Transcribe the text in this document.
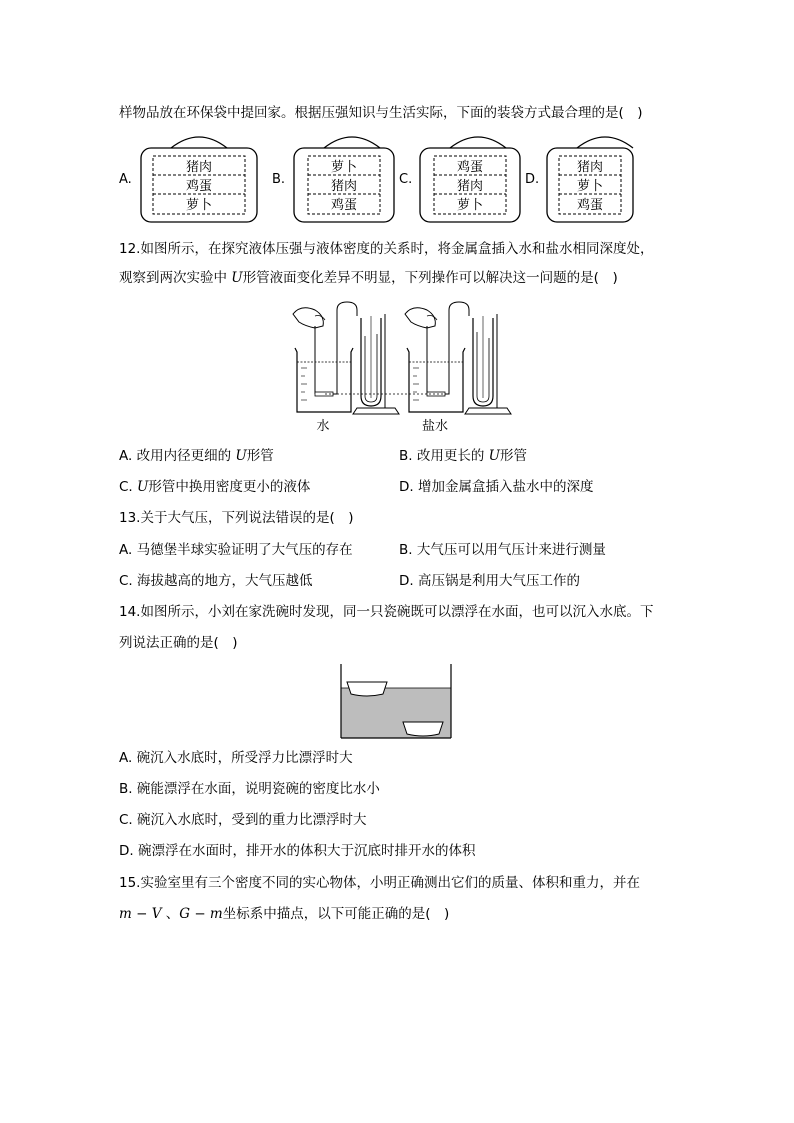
样物品放在环保袋中提回家。根据压强知识与生活实际，下面的装袋方式最合理的是(　)
A.	B.	C.	D.
猪肉
鸡蛋
萝卜
萝卜
猪肉
鸡蛋
鸡蛋
猪肉
萝卜
猪肉
萝卜
鸡蛋
12.如图所示，在探究液体压强与液体密度的关系时，将金属盒插入水和盐水相同深度处，
观察到两次实验中 U形管液面变化差异不明显，下列操作可以解决这一问题的是(　)
水	盐水
A. 改用内径更细的 U形管	B. 改用更长的 U形管
C. U形管中换用密度更小的液体	D. 增加金属盒插入盐水中的深度
13.关于大气压，下列说法错误的是(　)
A. 马德堡半球实验证明了大气压的存在	B. 大气压可以用气压计来进行测量
C. 海拔越高的地方，大气压越低	D. 高压锅是利用大气压工作的
14.如图所示，小刘在家洗碗时发现，同一只瓷碗既可以漂浮在水面，也可以沉入水底。下
列说法正确的是(　)
A. 碗沉入水底时，所受浮力比漂浮时大
B. 碗能漂浮在水面，说明瓷碗的密度比水小
C. 碗沉入水底时，受到的重力比漂浮时大
D. 碗漂浮在水面时，排开水的体积大于沉底时排开水的体积
15.实验室里有三个密度不同的实心物体，小明正确测出它们的质量、体积和重力，并在
m − V 、G − m坐标系中描点，以下可能正确的是(　)
